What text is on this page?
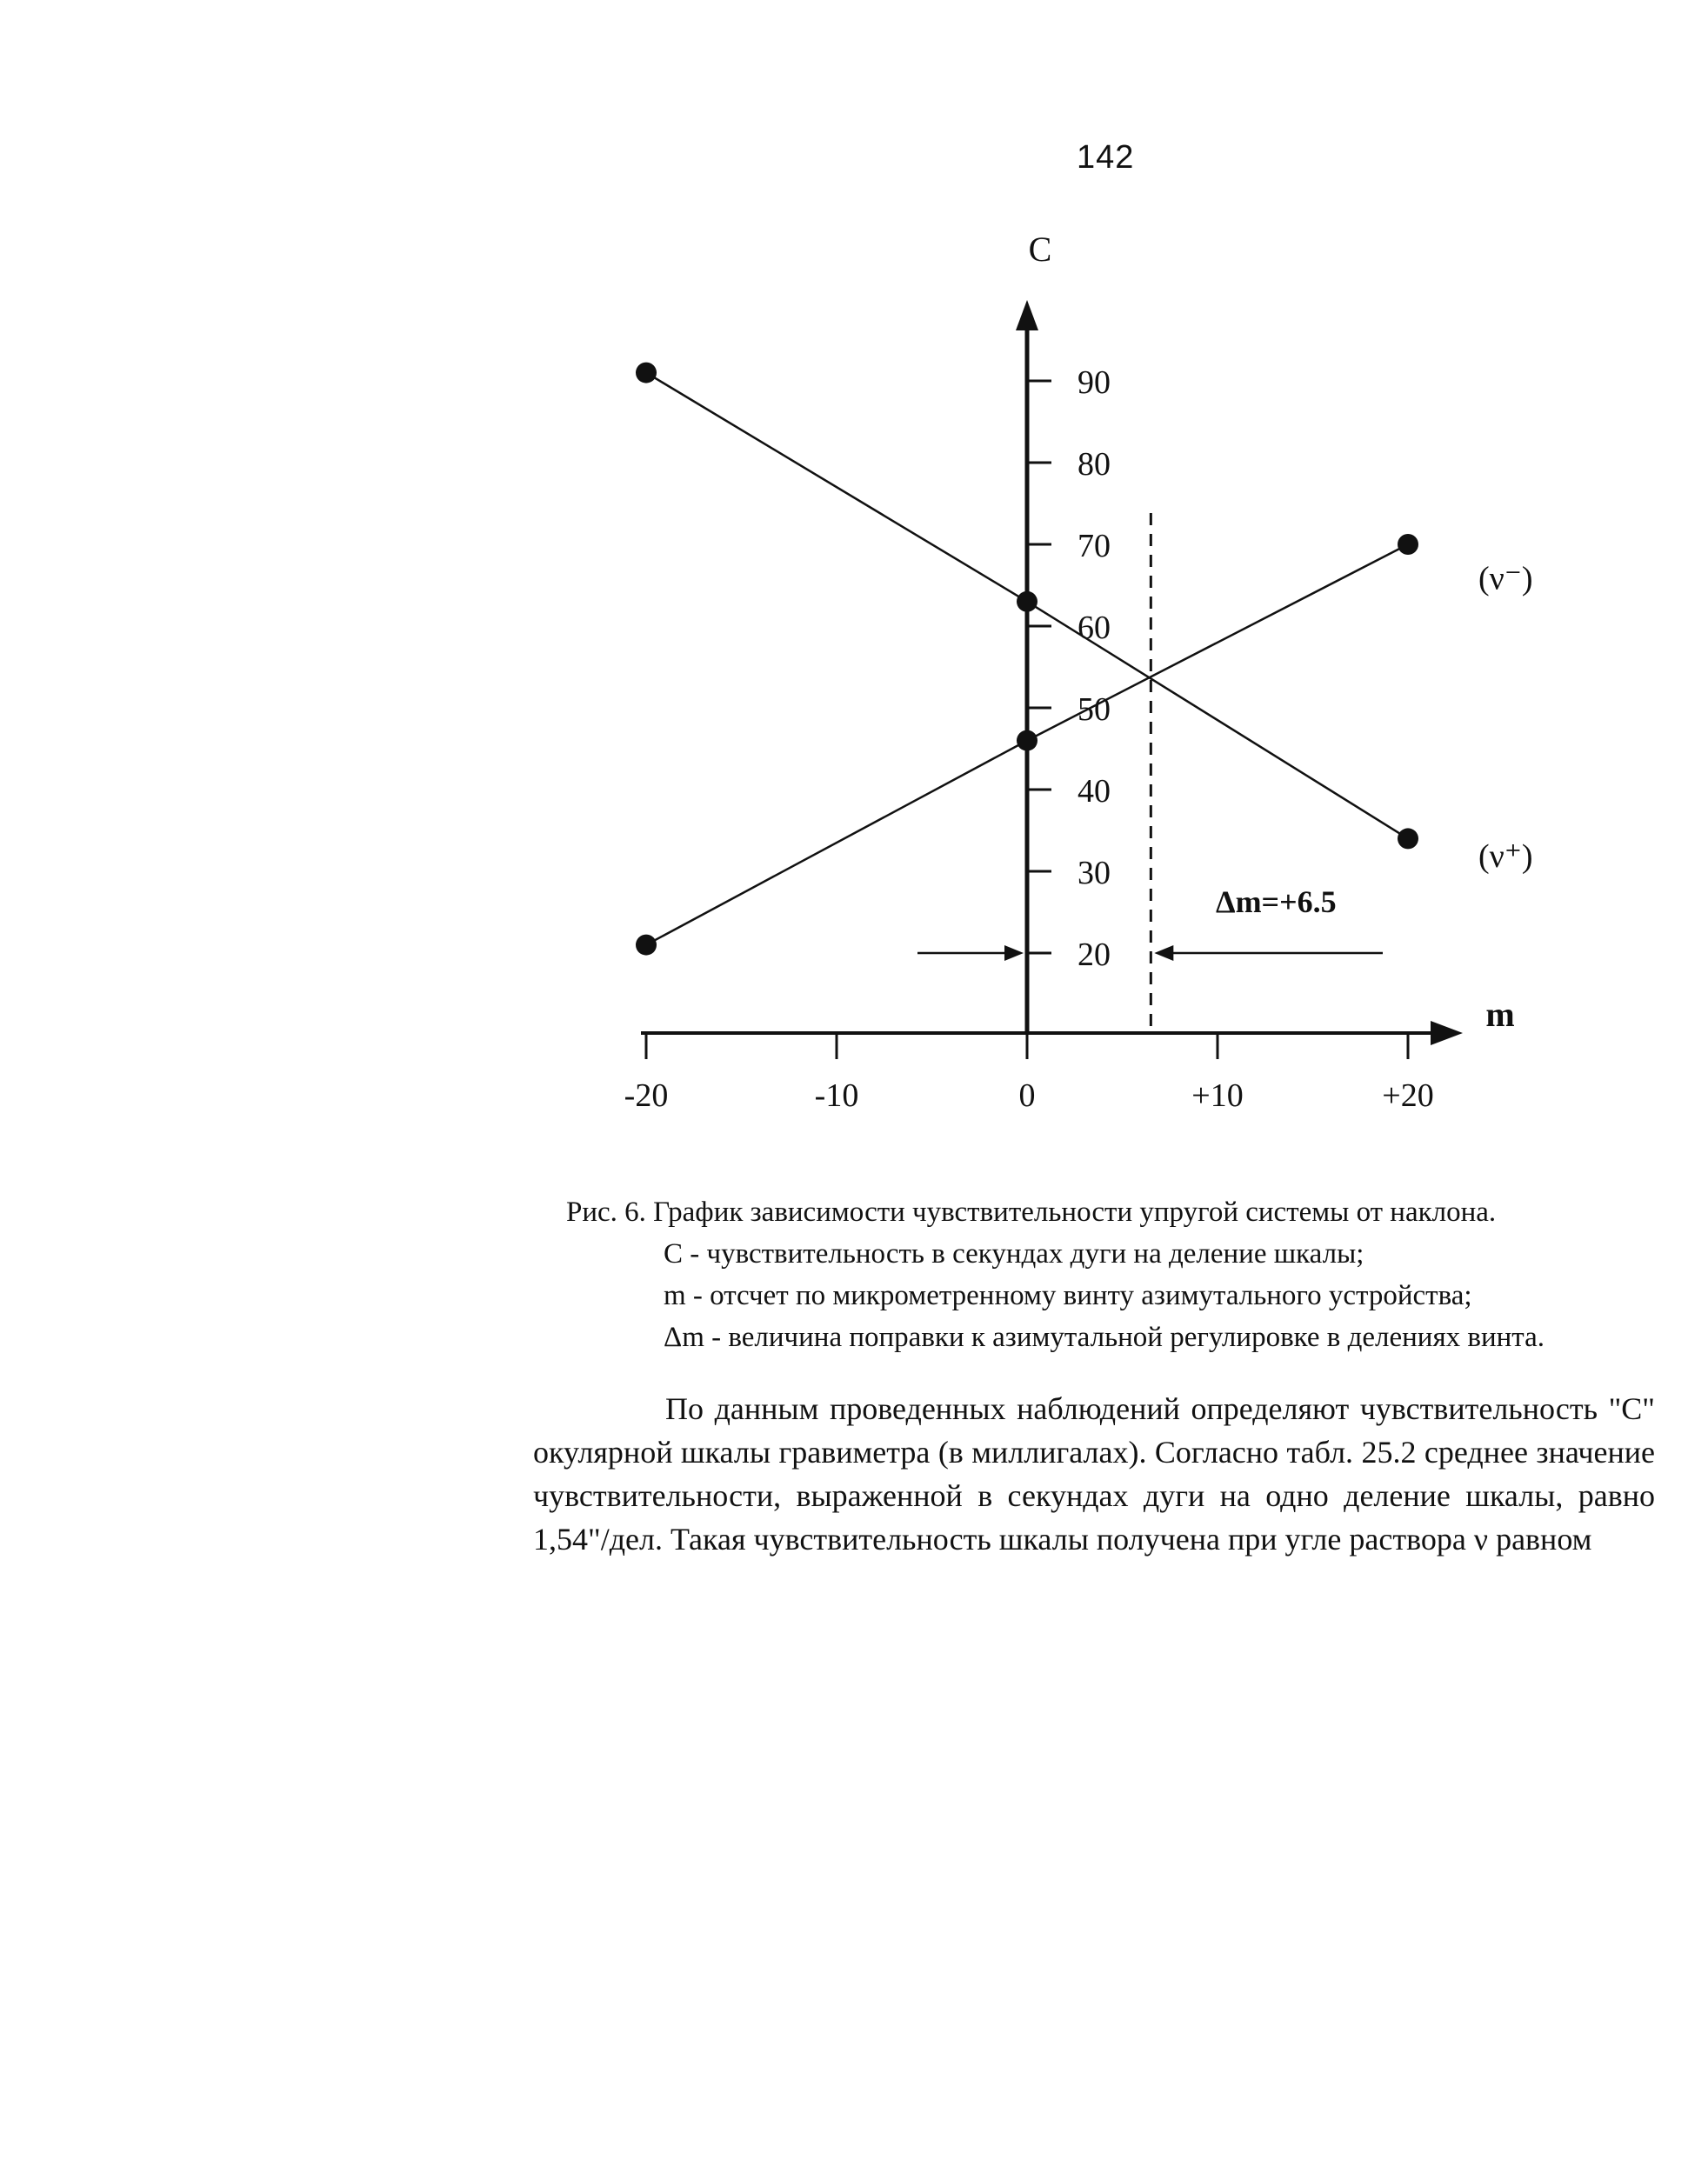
142
C
m
-20	-10	0	+10	+20
20
30
40
50
60
70
80
90
(ν⁻)
(ν⁺)
Δm=+6.5
Рис. 6. График зависимости чувствительности упругой системы от наклона.
С - чувствительность в секундах дуги на деление шкалы;
m - отсчет по микрометренному винту азимутального устройства;
Δm - величина поправки к азимутальной регулировке в делениях винта.

По данным проведенных наблюдений определяют чувствительность "С" окулярной шкалы гравиметра (в миллигалах). Согласно табл. 25.2 среднее значение чувствительности, выраженной в секундах дуги на одно деление шкалы, равно 1,54"/дел. Такая чувствительность шкалы получена при угле раствора ν равном
